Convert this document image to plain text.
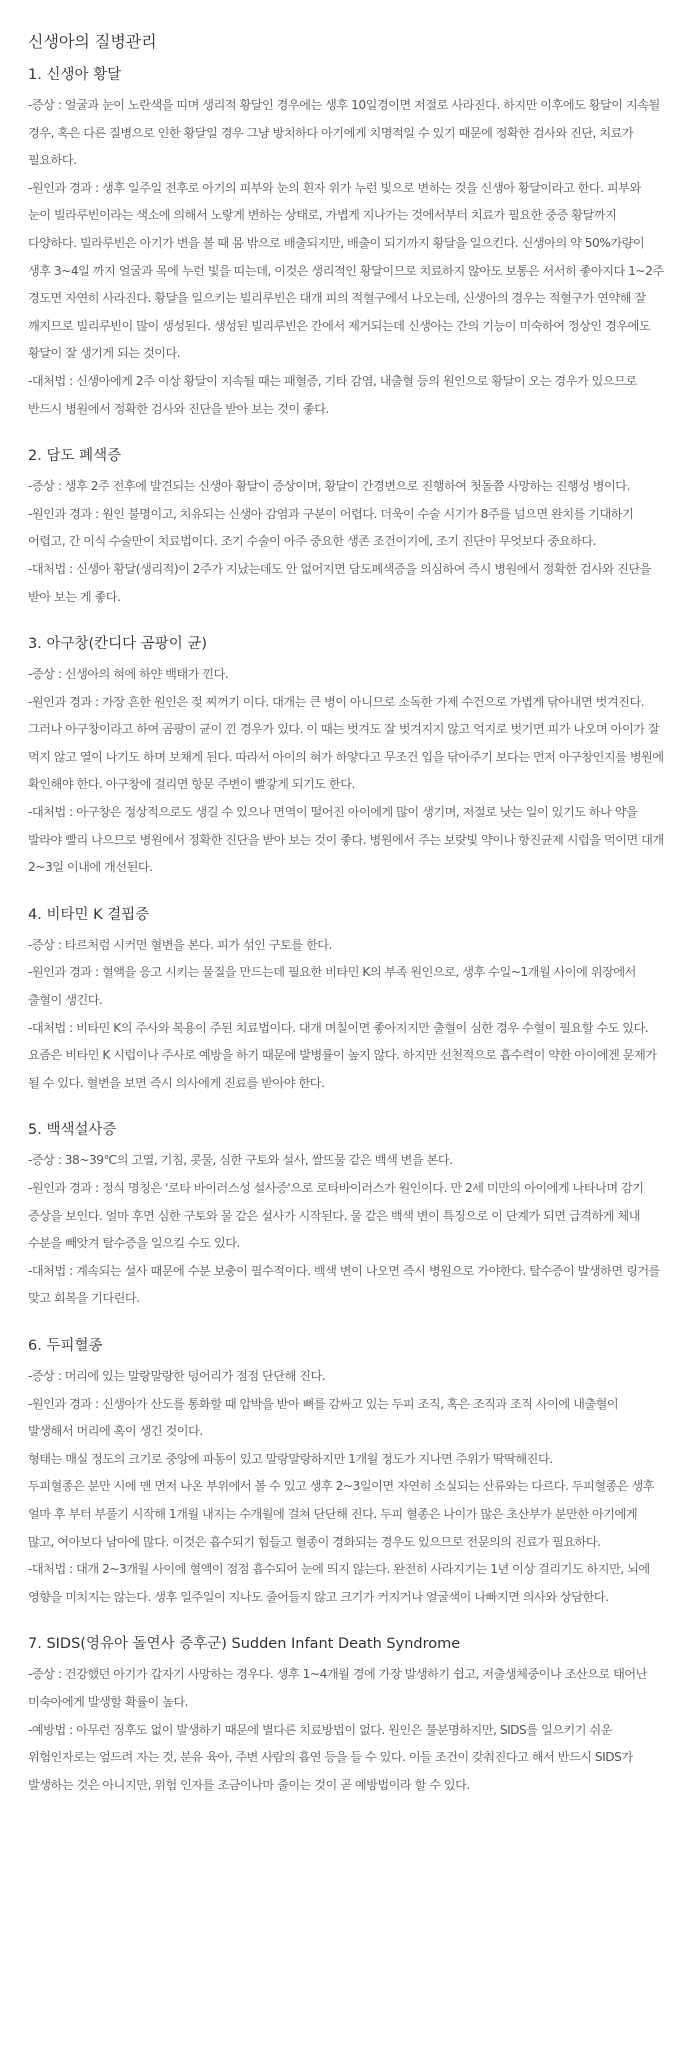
신생아의 질병관리
1. 신생아 황달

-증상 : 얼굴과 눈이 노란색을 띠며 생리적 황달인 경우에는 생후 10일경이면 저절로 사라진다. 하지만 이후에도 황달이 지속될 경우, 혹은 다른 질병으로 인한 황달일 경우 그냥 방치하다 아기에게 치명적일 수 있기 때문에 정확한 검사와 진단, 치료가 필요하다.

-원인과 경과 : 생후 일주일 전후로 아기의 피부와 눈의 흰자 위가 누런 빛으로 변하는 것을 신생아 황달이라고 한다. 피부와 눈이 빌라루빈이라는 색소에 의해서 노랗게 변하는 상태로, 가볍게 지나가는 것에서부터 치료가 필요한 중증 황달까지 다양하다. 빌라루빈은 아기가 변을 볼 때 몸 밖으로 배출되지만, 배출이 되기까지 황달을 일으킨다. 신생아의 약 50%가량이 생후 3~4일 까지 얼굴과 목에 누런 빛을 띠는데, 이것은 생리적인 황달이므로 치료하지 않아도 보통은 서서히 좋아지다 1~2주 경도면 자연히 사라진다. 황달을 일으키는 빌리루빈은 대개 피의 적혈구에서 나오는데, 신생아의 경우는 적혈구가 연약해 잘 깨지므로 빌리루빈이 많이 생성된다. 생성된 빌리루빈은 간에서 제거되는데 신생아는 간의 기능이 미숙하여 정상인 경우에도 황달이 잘 생기게 되는 것이다.

-대처법 : 신생아에게 2주 이상 황달이 지속될 때는 패혈증, 기타 감염, 내출혈 등의 원인으로 황달이 오는 경우가 있으므로 반드시 병원에서 정확한 검사와 진단을 받아 보는 것이 좋다.

2. 담도 폐색증

-증상 : 생후 2주 전후에 발견되는 신생아 황달이 증상이며, 황달이 간경변으로 진행하여 첫돌쯤 사망하는 진행성 병이다.

-원인과 경과 : 원인 불명이고, 치유되는 신생아 감염과 구분이 어렵다. 더욱이 수술 시기가 8주를 넘으면 완치를 기대하기 어렵고, 간 이식 수술만이 치료법이다. 조기 수술이 아주 중요한 생존 조건이기에, 조기 진단이 무엇보다 중요하다.

-대처법 : 신생아 황달(생리적)이 2주가 지났는데도 안 없어지면 담도폐색증을 의심하여 즉시 병원에서 정확한 검사와 진단을 받아 보는 게 좋다.

3. 아구창(칸디다 곰팡이 균)

-증상 : 신생아의 혀에 하얀 백태가 낀다.

-원인과 경과 : 가장 흔한 원인은 젖 찌꺼기 이다. 대개는 큰 병이 아니므로 소독한 가제 수건으로 가볍게 닦아내면 벗겨진다. 그러나 아구창이라고 하여 곰팡이 균이 낀 경우가 있다. 이 때는 벗겨도 잘 벗겨지지 않고 억지로 벗기면 피가 나오며 아이가 잘 먹지 않고 열이 나기도 하며 보채게 된다. 따라서 아이의 혀가 하얗다고 무조건 입을 닦아주기 보다는 먼저 아구창인지를 병원에 확인해야 한다. 아구창에 걸리면 항문 주변이 빨갛게 되기도 한다.

-대처법 : 아구창은 정상적으로도 생길 수 있으나 면역이 떨어진 아이에게 많이 생기며, 저절로 낫는 일이 있기도 하나 약을 발라야 빨리 나으므로 병원에서 정확한 진단을 받아 보는 것이 좋다. 병원에서 주는 보랏빛 약이나 항진균제 시럽을 먹이면 대개 2~3일 이내에 개선된다.

4. 비타민 K 결핍증

-증상 : 타르처럼 시커먼 혈변을 본다. 피가 섞인 구토를 한다.

-원인과 경과 : 혈액을 응고 시키는 물질을 만드는데 필요한 비타민 K의 부족 원인으로, 생후 수일~1개월 사이에 위장에서 출혈이 생긴다.

-대처법 : 비타민 K의 주사와 복용이 주된 치료법이다. 대개 며칠이면 좋아지지만 출혈이 심한 경우 수혈이 필요할 수도 있다. 요즘은 비타민 K 시럽이나 주사로 예방을 하기 때문에 발병률이 높지 않다. 하지만 선천적으로 흡수력이 약한 아이에겐 문제가 될 수 있다. 혈변을 보면 즉시 의사에게 진료를 받아야 한다.

5. 백색설사증

-증상 : 38~39℃의 고열, 기침, 콧물, 심한 구토와 설사, 쌀뜨물 같은 백색 변을 본다.

-원인과 경과 : 정식 명칭은 '로타 바이러스성 설사증'으로 로타바이러스가 원인이다. 만 2세 미만의 아이에게 나타나며 감기 증상을 보인다. 얼마 후면 심한 구토와 물 같은 설사가 시작된다. 물 같은 백색 변이 특징으로 이 단계가 되면 급격하게 체내 수분을 빼앗겨 탈수증을 일으킬 수도 있다.

-대처법 : 계속되는 설사 때문에 수분 보충이 필수적이다. 백색 변이 나오면 즉시 병원으로 가야한다. 탈수증이 발생하면 링거를 맞고 회복을 기다린다.

6. 두피혈종

-증상 : 머리에 있는 말랑말랑한 덩어리가 점점 단단해 진다.

-원인과 경과 : 신생아가 산도를 통화할 때 압박을 받아 뼈를 감싸고 있는 두피 조직, 혹은 조직과 조직 사이에 내출혈이 발생해서 머리에 혹이 생긴 것이다.

형태는 매실 정도의 크기로 중앙에 파동이 있고 말랑말랑하지만 1개월 정도가 지나면 주위가 딱딱해진다.

두피혈종은 분만 시에 맨 먼저 나온 부위에서 볼 수 있고 생후 2~3일이면 자연히 소실되는 산류와는 다르다. 두피혈종은 생후 얼마 후 부터 부풀기 시작해 1개월 내지는 수개월에 걸쳐 단단해 진다. 두피 혈종은 나이가 많은 초산부가 분만한 아기에게 많고, 여아보다 남아에 많다. 이것은 흡수되기 힘들고 혈종이 경화되는 경우도 있으므로 전문의의 진료가 필요하다.

-대처법 : 대개 2~3개월 사이에 혈액이 점점 흡수되어 눈에 띄지 않는다. 완전히 사라지기는 1년 이상 걸리기도 하지만, 뇌에 영향을 미치지는 않는다. 생후 일주일이 지나도 줄어들지 않고 크기가 커지거나 얼굴색이 나빠지면 의사와 상담한다.

7. SIDS(영유아 돌연사 증후군) Sudden Infant Death Syndrome

-증상 : 건강했던 아기가 갑자기 사망하는 경우다. 생후 1~4개월 경에 가장 발생하기 쉽고, 저출생체중이나 조산으로 태어난 미숙아에게 발생할 확률이 높다.

-예방법 : 아무런 징후도 없이 발생하기 때문에 별다른 치료방법이 없다. 원인은 불분명하지만, SIDS를 일으키기 쉬운 위험인자로는 엎드려 자는 것, 분유 육아, 주변 사람의 흡연 등을 들 수 있다. 이들 조건이 갖춰진다고 해서 반드시 SIDS가 발생하는 것은 아니지만, 위험 인자를 조금이나마 줄이는 것이 곧 예방법이라 할 수 있다.
